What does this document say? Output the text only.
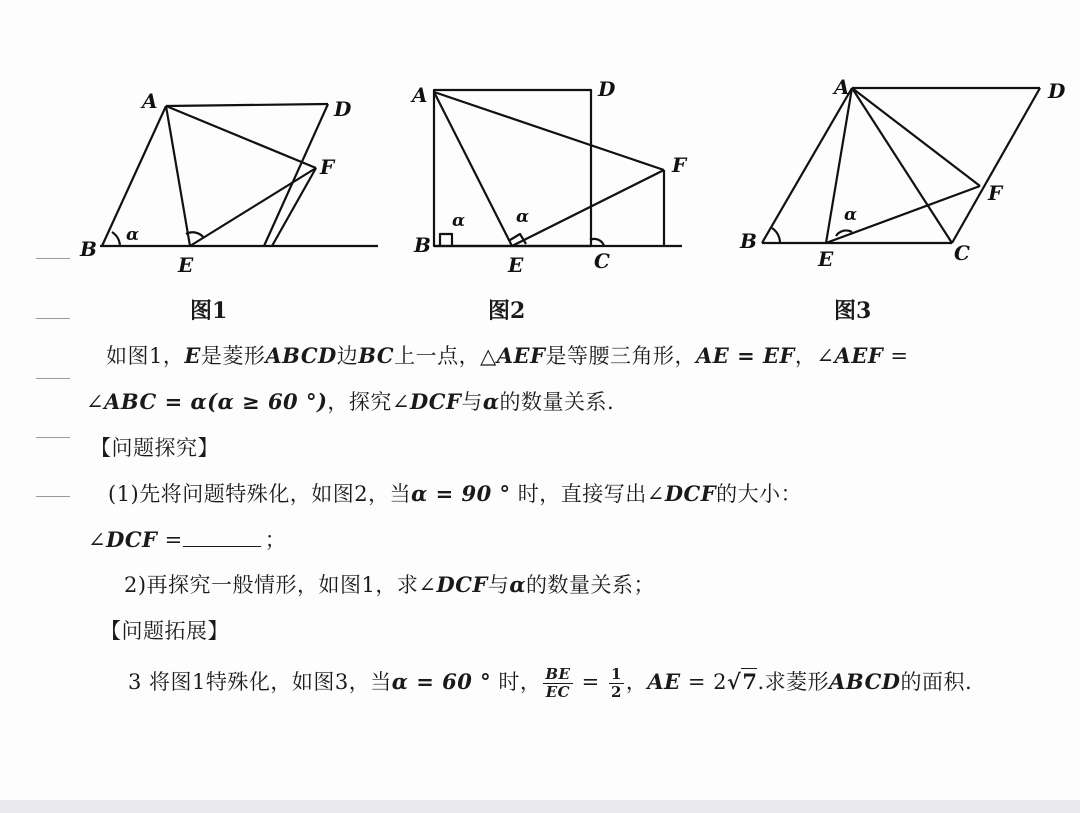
A
B
D
E
F
α
A
B
C
D
E
F
α	α
A
B	C
D
E
F
α
图1	图2	图3
如图1，E是菱形ABCD边BC上一点，△AEF是等腰三角形，AE = EF，∠AEF =
∠ABC = α(α ≥ 60 °)，探究∠DCF与α的数量关系.
【问题探究】
(1)先将问题特殊化，如图2，当α = 90 ° 时，直接写出∠DCF的大小：
∠DCF =	；
2)再探究一般情形，如图1，求∠DCF与α的数量关系；
【问题拓展】
3 将图1特殊化，如图3，当α = 60 ° 时， $\frac{BE}{EC} = \frac{1}{2}$ ，AE = 2√7.求菱形ABCD的面积.
